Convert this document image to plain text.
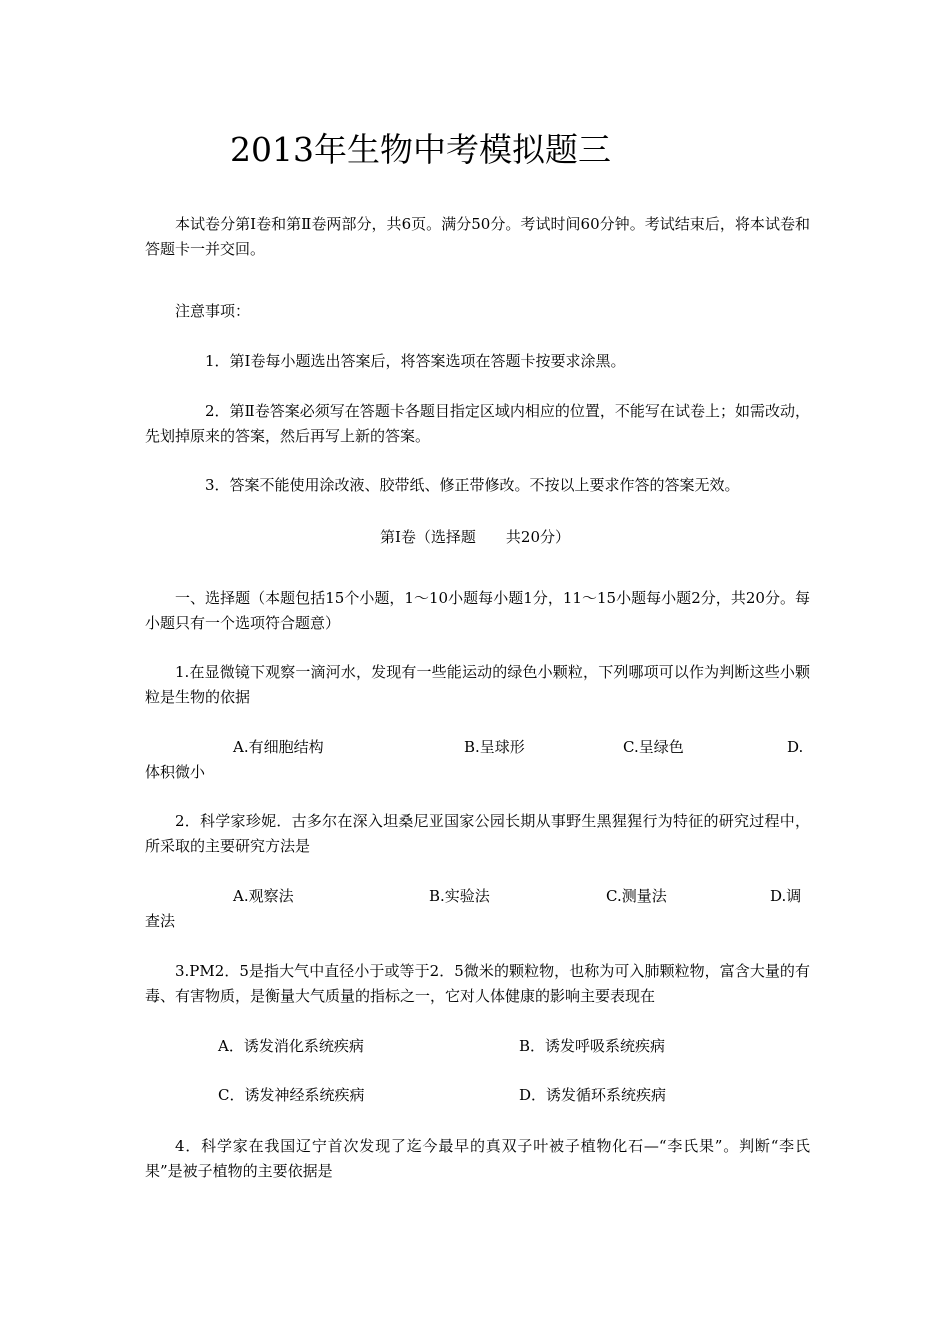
2013年生物中考模拟题三
本试卷分第Ⅰ卷和第Ⅱ卷两部分，共6页。满分50分。考试时间60分钟。考试结束后，将本试卷和答题卡一并交回。
注意事项：
1．第Ⅰ卷每小题选出答案后，将答案选项在答题卡按要求涂黑。
2．第Ⅱ卷答案必须写在答题卡各题目指定区域内相应的位置，不能写在试卷上；如需改动，先划掉原来的答案，然后再写上新的答案。
3．答案不能使用涂改液、胶带纸、修正带修改。不按以上要求作答的答案无效。
第Ⅰ卷（选择题　　共20分）
一、选择题（本题包括15个小题，1～10小题每小题1分，11～15小题每小题2分，共20分。每小题只有一个选项符合题意）
1.在显微镜下观察一滴河水，发现有一些能运动的绿色小颗粒，下列哪项可以作为判断这些小颗粒是生物的依据
A.有细胞结构	B.呈球形	C.呈绿色	D.
体积微小
2．科学家珍妮．古多尔在深入坦桑尼亚国家公园长期从事野生黑猩猩行为特征的研究过程中，所采取的主要研究方法是
A.观察法	B.实验法	C.测量法	D.调
查法
3.PM2．5是指大气中直径小于或等于2．5微米的颗粒物，也称为可入肺颗粒物，富含大量的有毒、有害物质，是衡量大气质量的指标之一，它对人体健康的影响主要表现在
A．诱发消化系统疾病	B．诱发呼吸系统疾病
C．诱发神经系统疾病	D．诱发循环系统疾病
4．科学家在我国辽宁首次发现了迄今最早的真双子叶被子植物化石—“李氏果”。判断“李氏果”是被子植物的主要依据是
